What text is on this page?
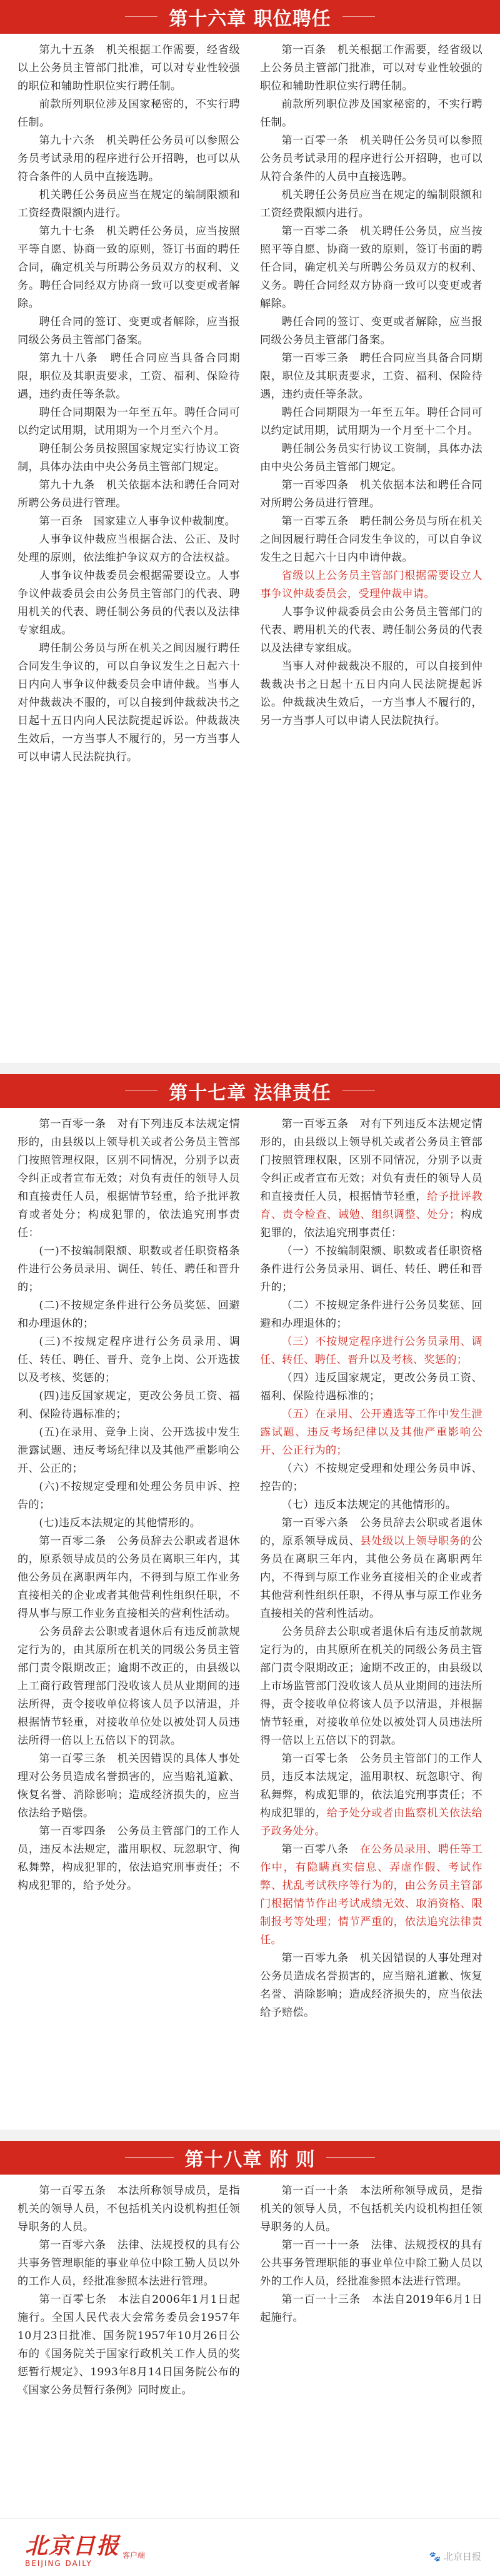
第十六章 职位聘任

第九十五条　机关根据工作需要，经省级以上公务员主管部门批准，可以对专业性较强的职位和辅助性职位实行聘任制。

前款所列职位涉及国家秘密的，不实行聘任制。

第九十六条　机关聘任公务员可以参照公务员考试录用的程序进行公开招聘，也可以从符合条件的人员中直接选聘。

机关聘任公务员应当在规定的编制限额和工资经费限额内进行。

第九十七条　机关聘任公务员，应当按照平等自愿、协商一致的原则，签订书面的聘任合同，确定机关与所聘公务员双方的权利、义务。聘任合同经双方协商一致可以变更或者解除。

聘任合同的签订、变更或者解除，应当报同级公务员主管部门备案。

第九十八条　聘任合同应当具备合同期限，职位及其职责要求，工资、福利、保险待遇，违约责任等条款。

聘任合同期限为一年至五年。聘任合同可以约定试用期，试用期为一个月至六个月。

聘任制公务员按照国家规定实行协议工资制，具体办法由中央公务员主管部门规定。

第九十九条　机关依据本法和聘任合同对所聘公务员进行管理。

第一百条　国家建立人事争议仲裁制度。

人事争议仲裁应当根据合法、公正、及时处理的原则，依法维护争议双方的合法权益。

人事争议仲裁委员会根据需要设立。人事争议仲裁委员会由公务员主管部门的代表、聘用机关的代表、聘任制公务员的代表以及法律专家组成。

聘任制公务员与所在机关之间因履行聘任合同发生争议的，可以自争议发生之日起六十日内向人事争议仲裁委员会申请仲裁。当事人对仲裁裁决不服的，可以自接到仲裁裁决书之日起十五日内向人民法院提起诉讼。仲裁裁决生效后，一方当事人不履行的，另一方当事人可以申请人民法院执行。

第一百条　机关根据工作需要，经省级以上公务员主管部门批准，可以对专业性较强的职位和辅助性职位实行聘任制。

前款所列职位涉及国家秘密的，不实行聘任制。

第一百零一条　机关聘任公务员可以参照公务员考试录用的程序进行公开招聘，也可以从符合条件的人员中直接选聘。

机关聘任公务员应当在规定的编制限额和工资经费限额内进行。

第一百零二条　机关聘任公务员，应当按照平等自愿、协商一致的原则，签订书面的聘任合同，确定机关与所聘公务员双方的权利、义务。聘任合同经双方协商一致可以变更或者解除。

聘任合同的签订、变更或者解除，应当报同级公务员主管部门备案。

第一百零三条　聘任合同应当具备合同期限，职位及其职责要求，工资、福利、保险待遇，违约责任等条款。

聘任合同期限为一年至五年。聘任合同可以约定试用期，试用期为一个月至十二个月。

聘任制公务员实行协议工资制，具体办法由中央公务员主管部门规定。

第一百零四条　机关依据本法和聘任合同对所聘公务员进行管理。

第一百零五条　聘任制公务员与所在机关之间因履行聘任合同发生争议的，可以自争议发生之日起六十日内申请仲裁。

省级以上公务员主管部门根据需要设立人事争议仲裁委员会，受理仲裁申请。

人事争议仲裁委员会由公务员主管部门的代表、聘用机关的代表、聘任制公务员的代表以及法律专家组成。

当事人对仲裁裁决不服的，可以自接到仲裁裁决书之日起十五日内向人民法院提起诉讼。仲裁裁决生效后，一方当事人不履行的，另一方当事人可以申请人民法院执行。

第十七章 法律责任

第一百零一条　对有下列违反本法规定情形的，由县级以上领导机关或者公务员主管部门按照管理权限，区别不同情况，分别予以责令纠正或者宣布无效；对负有责任的领导人员和直接责任人员，根据情节轻重，给予批评教育或者处分；构成犯罪的，依法追究刑事责任：

(一)不按编制限额、职数或者任职资格条件进行公务员录用、调任、转任、聘任和晋升的；

(二)不按规定条件进行公务员奖惩、回避和办理退休的；

(三)不按规定程序进行公务员录用、调任、转任、聘任、晋升、竞争上岗、公开选拔以及考核、奖惩的；

(四)违反国家规定，更改公务员工资、福利、保险待遇标准的；

(五)在录用、竞争上岗、公开选拔中发生泄露试题、违反考场纪律以及其他严重影响公开、公正的；

(六)不按规定受理和处理公务员申诉、控告的；

(七)违反本法规定的其他情形的。

第一百零二条　公务员辞去公职或者退休的，原系领导成员的公务员在离职三年内，其他公务员在离职两年内，不得到与原工作业务直接相关的企业或者其他营利性组织任职，不得从事与原工作业务直接相关的营利性活动。

公务员辞去公职或者退休后有违反前款规定行为的，由其原所在机关的同级公务员主管部门责令限期改正；逾期不改正的，由县级以上工商行政管理部门没收该人员从业期间的违法所得，责令接收单位将该人员予以清退，并根据情节轻重，对接收单位处以被处罚人员违法所得一倍以上五倍以下的罚款。

第一百零三条　机关因错误的具体人事处理对公务员造成名誉损害的，应当赔礼道歉、恢复名誉、消除影响；造成经济损失的，应当依法给予赔偿。

第一百零四条　公务员主管部门的工作人员，违反本法规定，滥用职权、玩忽职守、徇私舞弊，构成犯罪的，依法追究刑事责任；不构成犯罪的，给予处分。

第一百零五条　对有下列违反本法规定情形的，由县级以上领导机关或者公务员主管部门按照管理权限，区别不同情况，分别予以责令纠正或者宣布无效；对负有责任的领导人员和直接责任人员，根据情节轻重，给予批评教育、责令检查、诫勉、组织调整、处分；构成犯罪的，依法追究刑事责任：

（一）不按编制限额、职数或者任职资格条件进行公务员录用、调任、转任、聘任和晋升的；

（二）不按规定条件进行公务员奖惩、回避和办理退休的；

（三）不按规定程序进行公务员录用、调任、转任、聘任、晋升以及考核、奖惩的；

（四）违反国家规定，更改公务员工资、福利、保险待遇标准的；

（五）在录用、公开遴选等工作中发生泄露试题、违反考场纪律以及其他严重影响公开、公正行为的；

（六）不按规定受理和处理公务员申诉、控告的；

（七）违反本法规定的其他情形的。

第一百零六条　公务员辞去公职或者退休的，原系领导成员、县处级以上领导职务的公务员在离职三年内，其他公务员在离职两年内，不得到与原工作业务直接相关的企业或者其他营利性组织任职，不得从事与原工作业务直接相关的营利性活动。

公务员辞去公职或者退休后有违反前款规定行为的，由其原所在机关的同级公务员主管部门责令限期改正；逾期不改正的，由县级以上市场监管部门没收该人员从业期间的违法所得，责令接收单位将该人员予以清退，并根据情节轻重，对接收单位处以被处罚人员违法所得一倍以上五倍以下的罚款。

第一百零七条　公务员主管部门的工作人员，违反本法规定，滥用职权、玩忽职守、徇私舞弊，构成犯罪的，依法追究刑事责任；不构成犯罪的，给予处分或者由监察机关依法给予政务处分。

第一百零八条　在公务员录用、聘任等工作中，有隐瞒真实信息、弄虚作假、考试作弊、扰乱考试秩序等行为的，由公务员主管部门根据情节作出考试成绩无效、取消资格、限制报考等处理；情节严重的，依法追究法律责任。

第一百零九条　机关因错误的人事处理对公务员造成名誉损害的，应当赔礼道歉、恢复名誉、消除影响；造成经济损失的，应当依法给予赔偿。

第十八章 附 则

第一百零五条　本法所称领导成员，是指机关的领导人员，不包括机关内设机构担任领导职务的人员。

第一百零六条　法律、法规授权的具有公共事务管理职能的事业单位中除工勤人员以外的工作人员，经批准参照本法进行管理。

第一百零七条　本法自2006年1月1日起施行。全国人民代表大会常务委员会1957年10月23日批准、国务院1957年10月26日公布的《国务院关于国家行政机关工作人员的奖惩暂行规定》、1993年8月14日国务院公布的《国家公务员暂行条例》同时废止。

第一百一十条　本法所称领导成员，是指机关的领导人员，不包括机关内设机构担任领导职务的人员。

第一百一十一条　法律、法规授权的具有公共事务管理职能的事业单位中除工勤人员以外的工作人员，经批准参照本法进行管理。

第一百一十三条　本法自2019年6月1日起施行。

北京日报 客户端
BEIJING DAILY
🐾 北京日报
